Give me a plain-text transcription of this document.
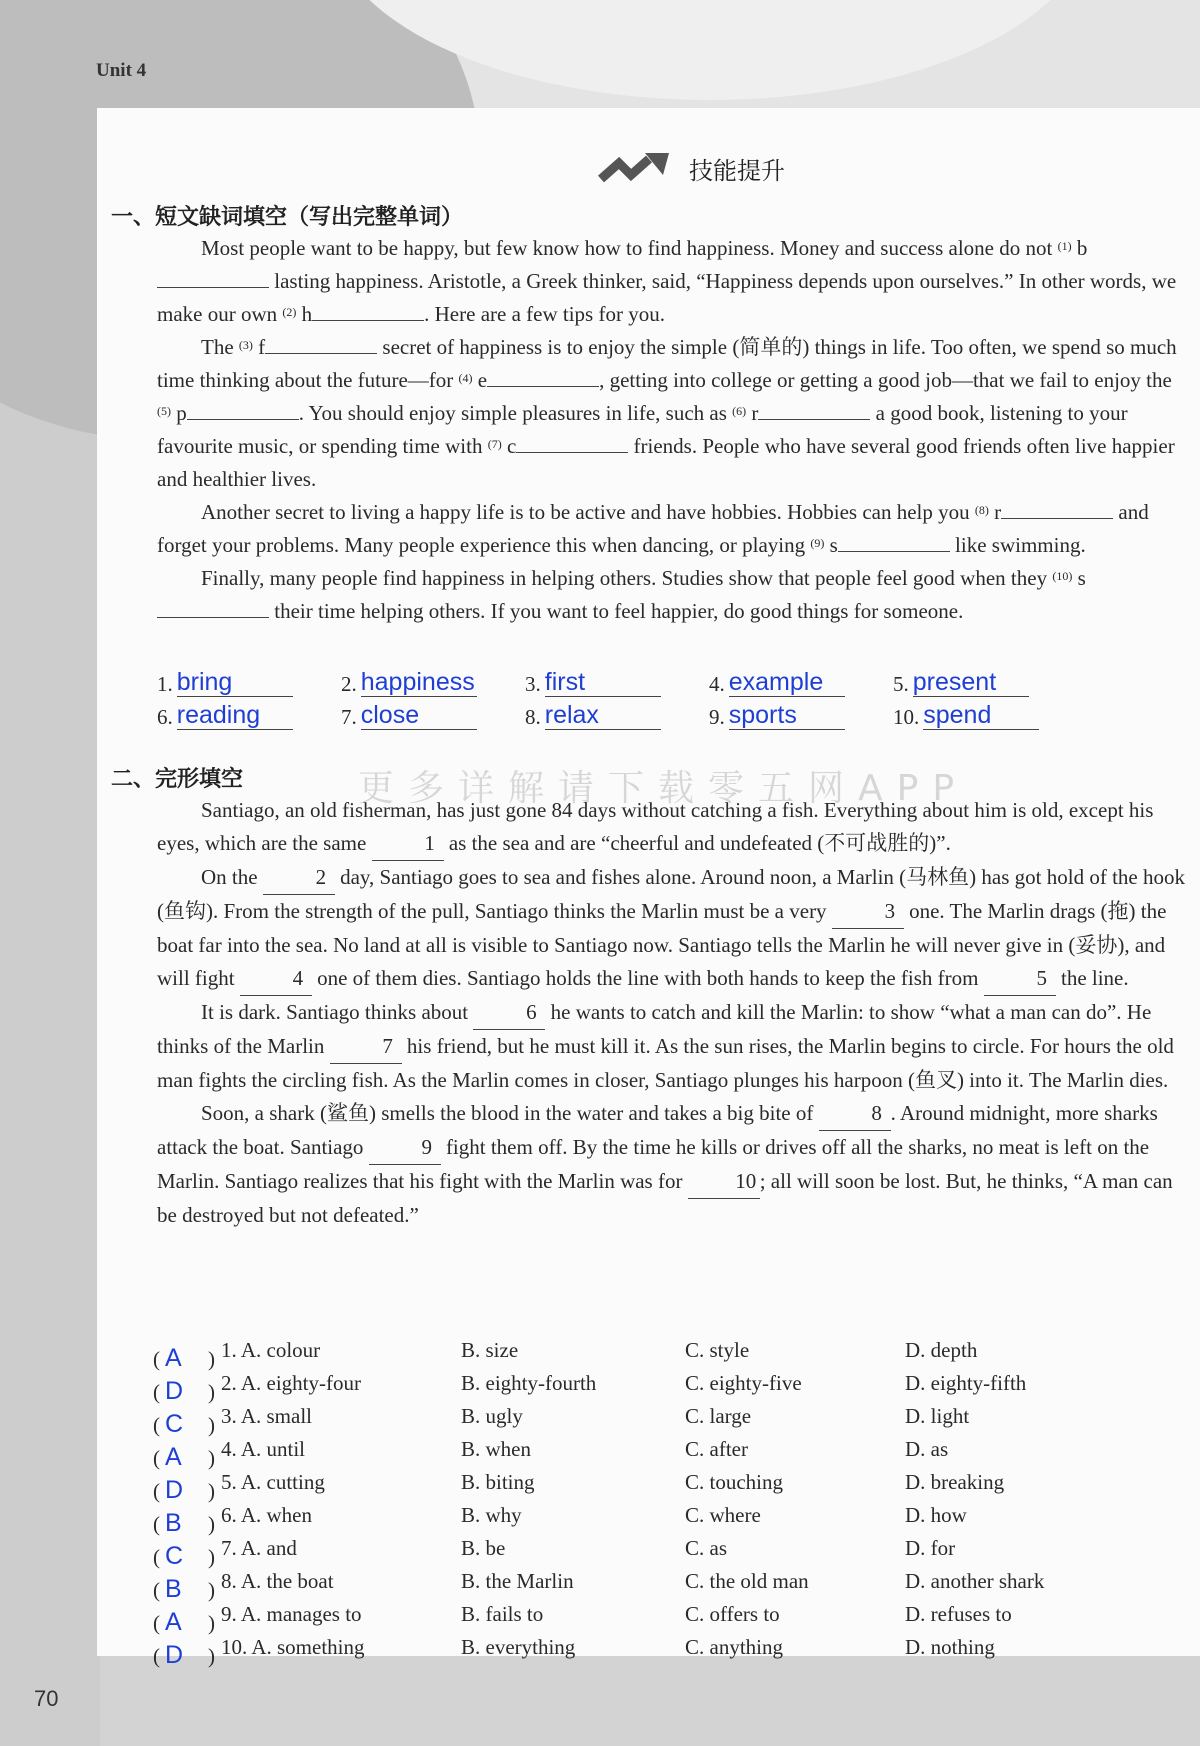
Unit 4
70
技能提升
一、短文缺词填空（写出完整单词）

Most people want to be happy, but few know how to find happiness. Money and success alone do not $^{(1)}$ b lasting happiness. Aristotle, a Greek thinker, said, “Happiness depends upon ourselves.” In other words, we make our own $^{(2)}$ h	. Here are a few tips for you.

The $^{(3)}$ f	secret of happiness is to enjoy the simple (简单的) things in life. Too often, we spend so much time thinking about the future—for $^{(4)}$ e	, getting into college or getting a good job—that we fail to enjoy the $^{(5)}$ p	. You should enjoy simple pleasures in life, such as $^{(6)}$ r	a good book, listening to your favourite music, or spending time with $^{(7)}$ c	friends. People who have several good friends often live happier and healthier lives.

Another secret to living a happy life is to be active and have hobbies. Hobbies can help you $^{(8)}$ r	and forget your problems. Many people experience this when dancing, or playing $^{(9)}$ s	like swimming.

Finally, many people find happiness in helping others. Studies show that people feel good when they $^{(10)}$ s their time helping others. If you want to feel happier, do good things for someone.

1. bring	2. happiness 3. first	4. example	5. present
6. reading	7. close	8. relax	9. sports	10. spend
二、完形填空

Santiago, an old fisherman, has just gone 84 days without catching a fish. Everything about him is old, except his eyes, which are the same	1 as the sea and are “cheerful and undefeated (不可战胜的)”.

On the	2 day, Santiago goes to sea and fishes alone. Around noon, a Marlin (马林鱼) has got hold of the hook (鱼钩). From the strength of the pull, Santiago thinks the Marlin must be a very	3 one. The Marlin drags (拖) the boat far into the sea. No land at all is visible to Santiago now. Santiago tells the Marlin he will never give in (妥协), and will fight	4 one of them dies. Santiago holds the line with both hands to keep the fish from	5 the line.

It is dark. Santiago thinks about	6 he wants to catch and kill the Marlin: to show “what a man can do”. He thinks of the Marlin	7 his friend, but he must kill it. As the sun rises, the Marlin begins to circle. For hours the old man fights the circling fish. As the Marlin comes in closer, Santiago plunges his harpoon (鱼叉) into it. The Marlin dies.

Soon, a shark (鲨鱼) smells the blood in the water and takes a big bite of	8 . Around midnight, more sharks attack the boat. Santiago	9 fight them off. By the time he kills or drives off all the sharks, no meat is left on the Marlin. Santiago realizes that his fight with the Marlin was for 10 ; all will soon be lost. But, he thinks, “A man can be destroyed but not defeated.”

( A ) 1. A. colour	B. size	C. style	D. depth
( D ) 2. A. eighty-four	B. eighty-fourth	C. eighty-five	D. eighty-fifth
( C ) 3. A. small	B. ugly	C. large	D. light
( A ) 4. A. until	B. when	C. after	D. as
( D ) 5. A. cutting	B. biting	C. touching	D. breaking
( B ) 6. A. when	B. why	C. where	D. how
( C ) 7. A. and	B. be	C. as	D. for
( B ) 8. A. the boat	B. the Marlin	C. the old man	D. another shark
( A ) 9. A. manages to	B. fails to	C. offers to	D. refuses to
( D ) 10. A. something	B. everything	C. anything	D. nothing
更多详解请下载零五网APP
